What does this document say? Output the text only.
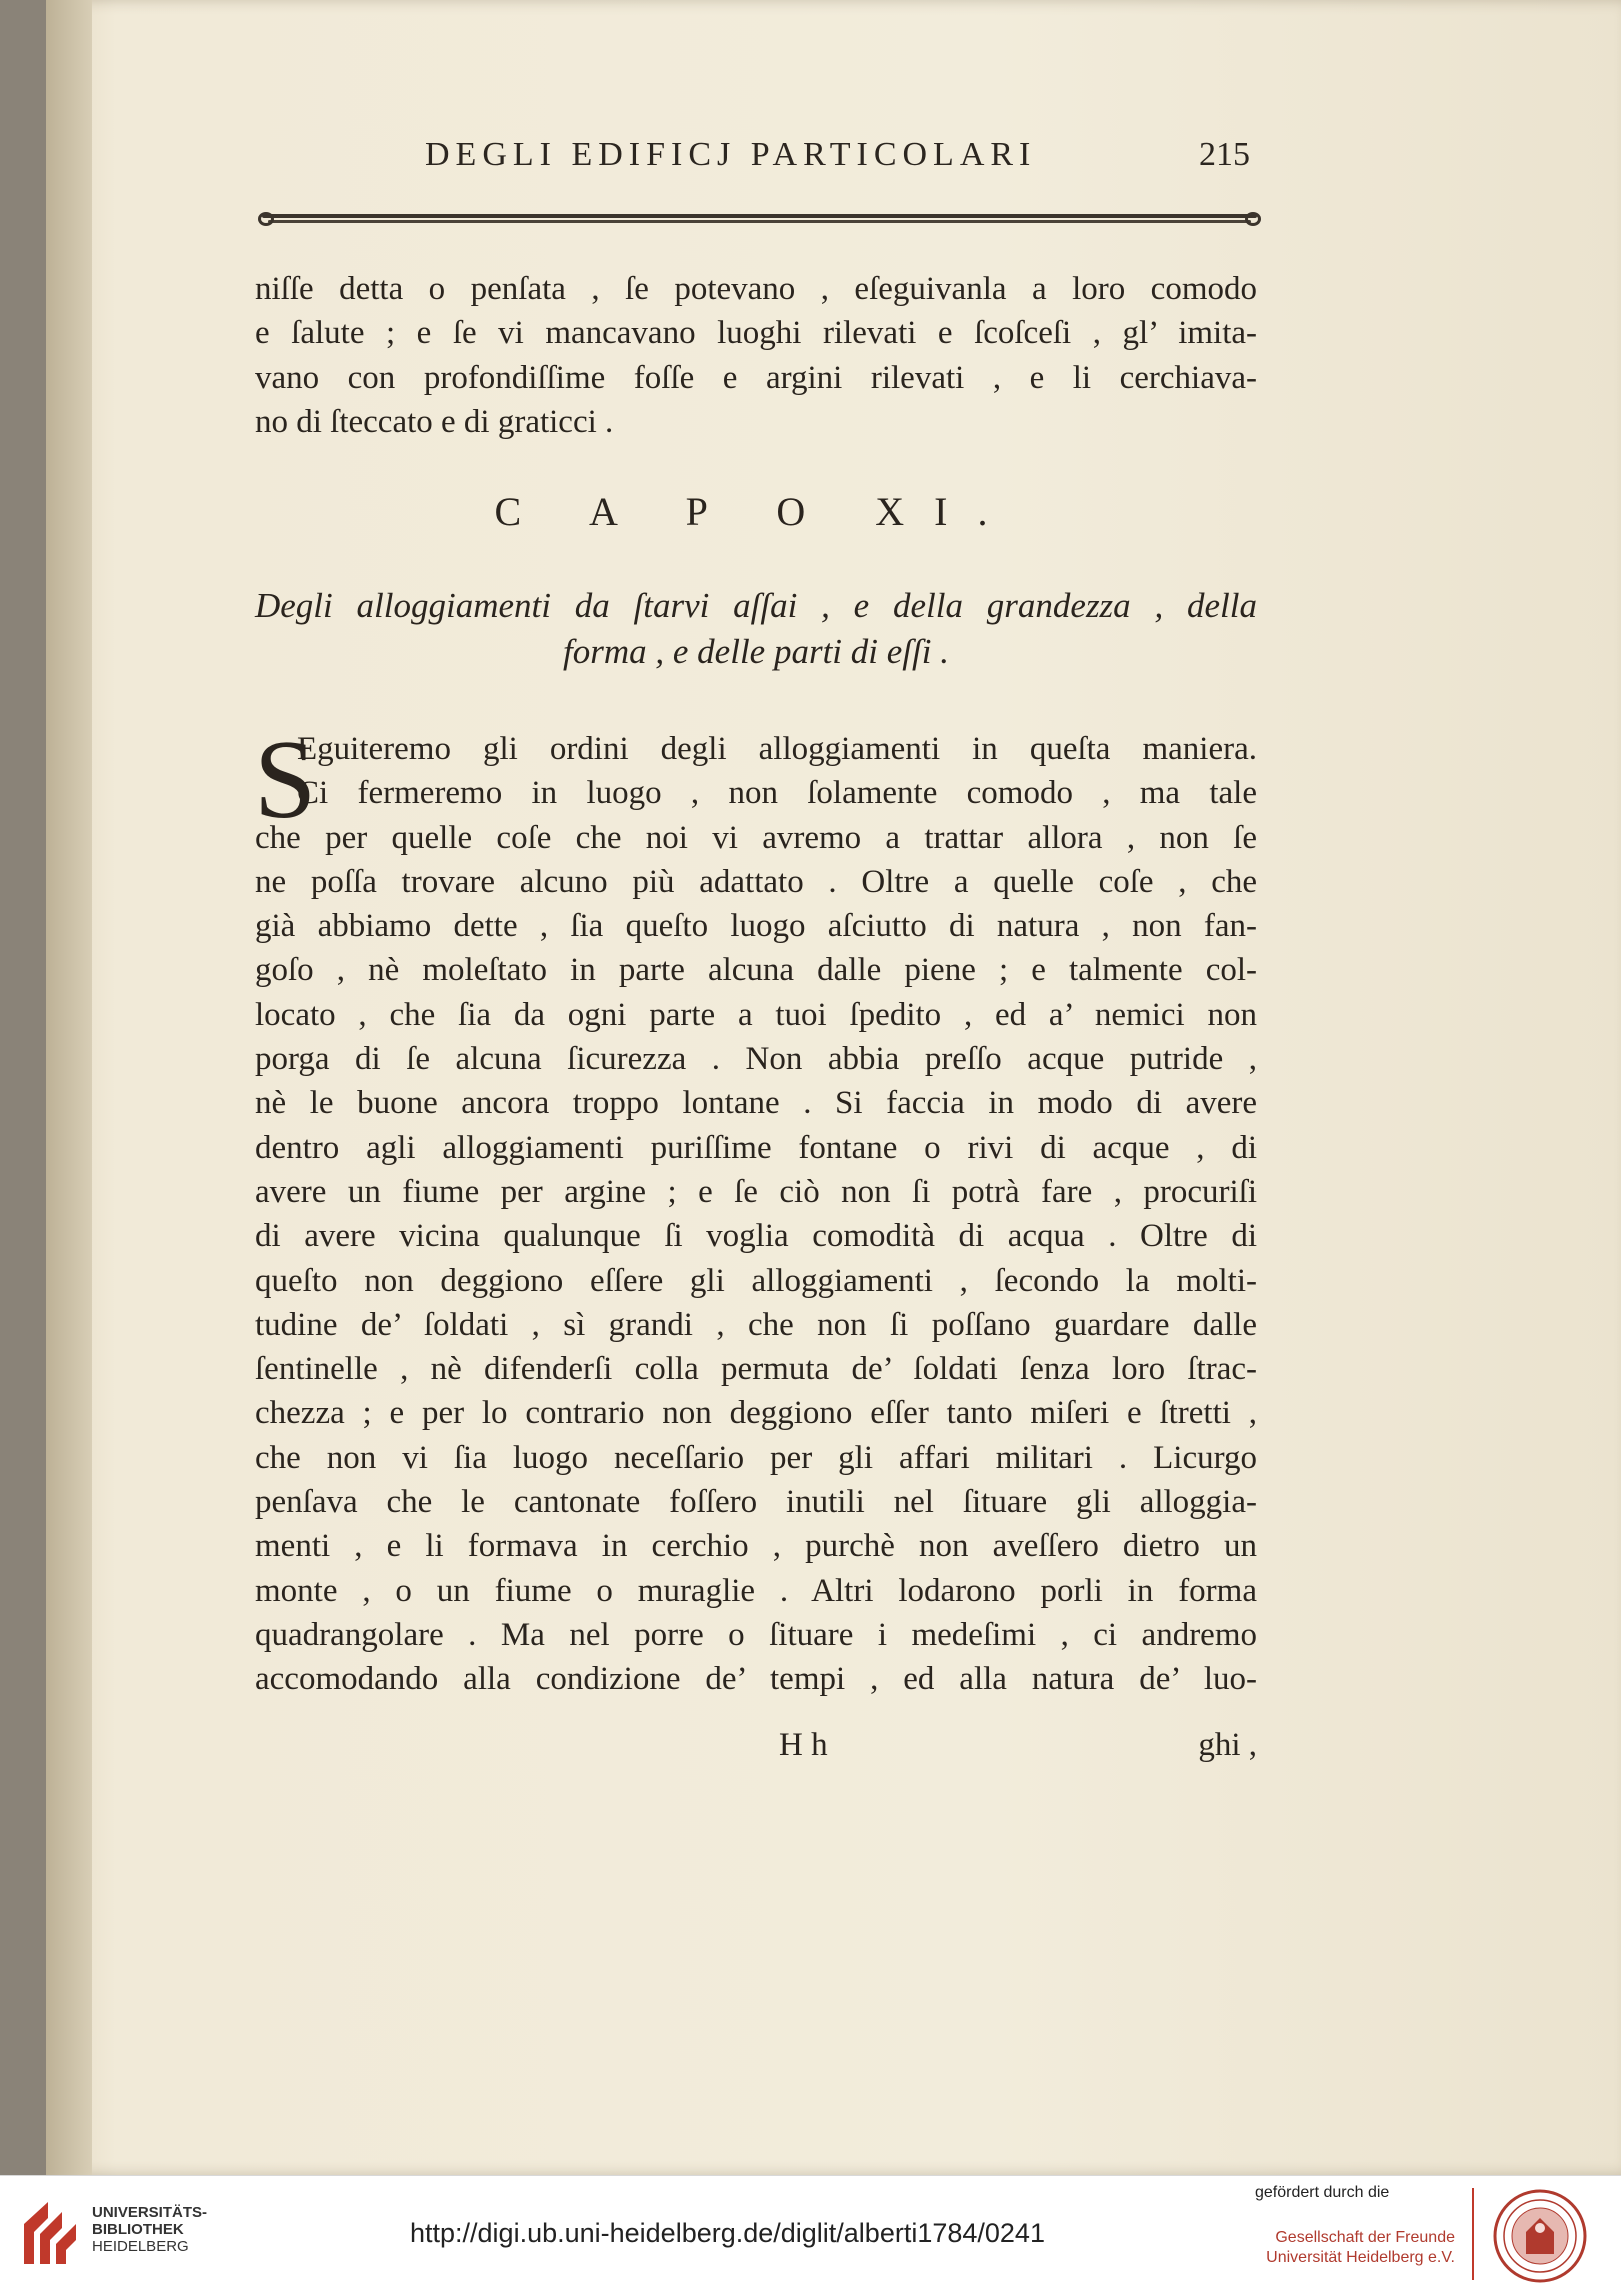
DEGLI EDIFICJ PARTICOLARI	215
niſſe detta o penſata , ſe potevano , eſeguivanla a loro comodo
e ſalute ; e ſe vi mancavano luoghi rilevati e ſcoſceſi , gl’ imita-
vano con profondiſſime foſſe e argini rilevati , e li cerchiava-
no di ſteccato e di graticci .
C A P O XI.
Degli alloggiamenti da ſtarvi aſſai , e della grandezza , della
forma , e delle parti di eſſi .
S
Eguiteremo gli ordini degli alloggiamenti in queſta maniera.
Ci fermeremo in luogo , non ſolamente comodo , ma tale
che per quelle coſe che noi vi avremo a trattar allora , non ſe
ne poſſa trovare alcuno più adattato . Oltre a quelle coſe , che
già abbiamo dette , ſia queſto luogo aſciutto di natura , non fan-
goſo , nè moleſtato in parte alcuna dalle piene ; e talmente col-
locato , che ſia da ogni parte a tuoi ſpedito , ed a’ nemici non
porga di ſe alcuna ſicurezza . Non abbia preſſo acque putride ,
nè le buone ancora troppo lontane . Si faccia in modo di avere
dentro agli alloggiamenti puriſſime fontane o rivi di acque , di
avere un fiume per argine ; e ſe ciò non ſi potrà fare , procuriſi
di avere vicina qualunque ſi voglia comodità di acqua . Oltre di
queſto non deggiono eſſere gli alloggiamenti , ſecondo la molti-
tudine de’ ſoldati , sì grandi , che non ſi poſſano guardare dalle
ſentinelle , nè difenderſi colla permuta de’ ſoldati ſenza loro ſtrac-
chezza ; e per lo contrario non deggiono eſſer tanto miſeri e ſtretti ,
che non vi ſia luogo neceſſario per gli affari militari . Licurgo
penſava che le cantonate foſſero inutili nel ſituare gli alloggia-
menti , e li formava in cerchio , purchè non aveſſero dietro un
monte , o un fiume o muraglie . Altri lodarono porli in forma
quadrangolare . Ma nel porre o ſituare i medeſimi , ci andremo
accomodando alla condizione de’ tempi , ed alla natura de’ luo-
H h	ghi ,
UNIVERSITÄTS-
BIBLIOTHEK
HEIDELBERG	http://digi.ub.uni-heidelberg.de/diglit/alberti1784/0241
gefördert durch die
Gesellschaft der Freunde
Universität Heidelberg e.V.
